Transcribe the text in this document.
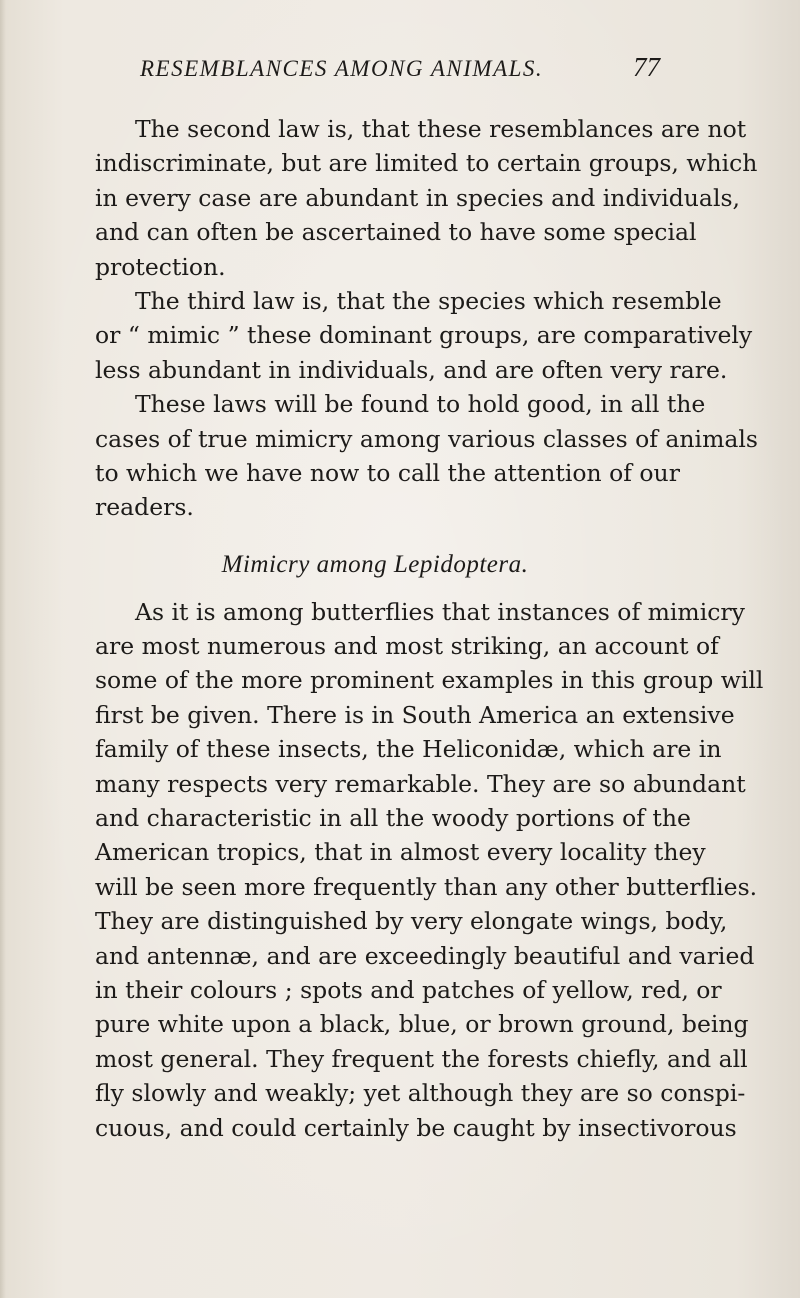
RESEMBLANCES AMONG ANIMALS.	77
The second law is, that these resemblances are not
indiscriminate, but are limited to certain groups, which
in every case are abundant in species and individuals,
and can often be ascertained to have some special
protection.
The third law is, that the species which resemble
or “ mimic ” these dominant groups, are comparatively
less abundant in individuals, and are often very rare.
These laws will be found to hold good, in all the
cases of true mimicry among various classes of animals
to which we have now to call the attention of our
readers.
Mimicry among Lepidoptera.
As it is among butterflies that instances of mimicry
are most numerous and most striking, an account of
some of the more prominent examples in this group will
first be given. There is in South America an extensive
family of these insects, the Heliconidæ, which are in
many respects very remarkable. They are so abundant
and characteristic in all the woody portions of the
American tropics, that in almost every locality they
will be seen more frequently than any other butterflies.
They are distinguished by very elongate wings, body,
and antennæ, and are exceedingly beautiful and varied
in their colours ; spots and patches of yellow, red, or
pure white upon a black, blue, or brown ground, being
most general. They frequent the forests chiefly, and all
fly slowly and weakly; yet although they are so conspi-
cuous, and could certainly be caught by insectivorous
